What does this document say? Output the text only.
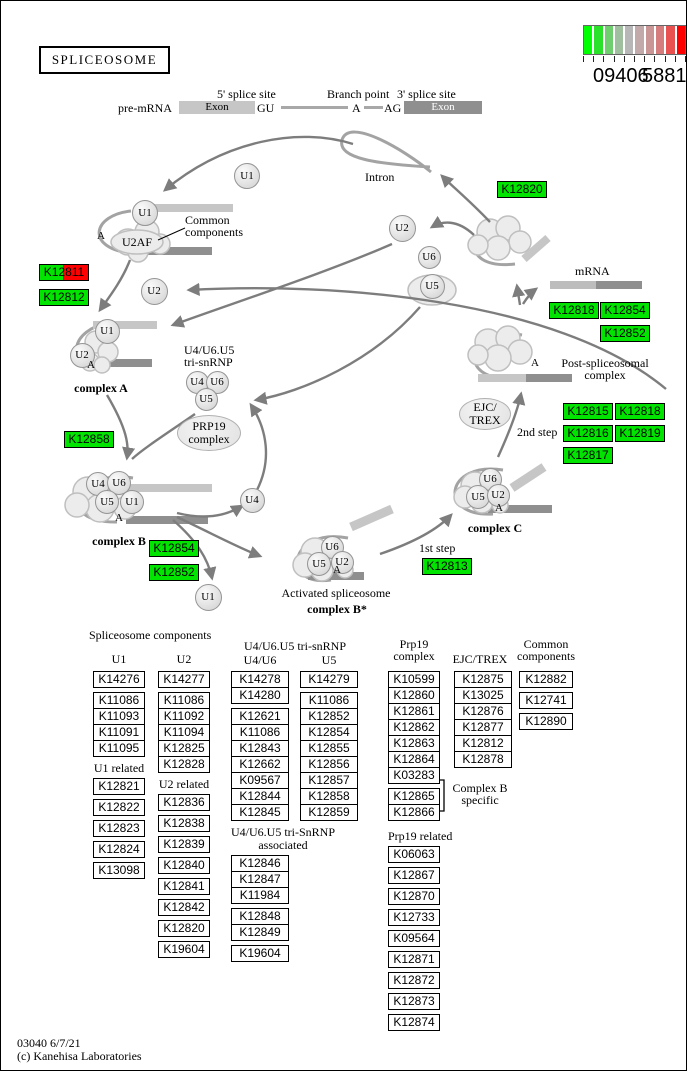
SPLICEOSOME
09406
5881
5' splice site	Branch point 3' splice site
pre-mRNA	Exon	GU	A AG	Exon
Intron
Common
components
U2AF
complex A
U4/U6.U5
tri-snRNP
complex B
Activated spliceosome
complex B*
1st step
complex C
2nd step
mRNA
Post-spliceosomal
complex
PRP19
complex
EJC/
TREX
U1
U1
U2
U2
U6
U5
U1
U2
U4 U6
U5
U4 U6
U5	U1	U4
U1
U6
U5 U2
U6
U5 U2
A
A
A
A
A
A
K12811
K12812
K12858
K12854
K12852	K12813
K12815 K12818
K12816 K12819
K12817
K12820
K12818 K12854
K12852
Spliceosome components
U1	U2
U4/U6.U5 tri-snRNP
U4/U6	U5
Prp19
complex	EJC/TREX
Common
components
K14276
K11086
K11093
K11091
K11095
U1 related
K12821
K12822
K12823
K12824
K13098
K14277
K11086
K11092
K11094
K12825
K12828
U2 related
K12836
K12838
K12839
K12840
K12841
K12842
K12820
K19604
K14278
K14280
K12621
K11086
K12843
K12662
K09567
K12844
K12845
U4/U6.U5 tri-SnRNP
associated
K12846
K12847
K11984
K12848
K12849
K19604
K14279
K11086
K12852
K12854
K12855
K12856
K12857
K12858
K12859
K10599
K12860
K12861
K12862
K12863
K12864
K03283
K12865
K12866
Prp19 related
K06063
K12867
K12870
K12733
K09564
K12871
K12872
K12873
K12874
K12875
K13025
K12876
K12877
K12812
K12878
K12882
K12741
K12890
Complex B
specific
03040 6/7/21
(c) Kanehisa Laboratories
